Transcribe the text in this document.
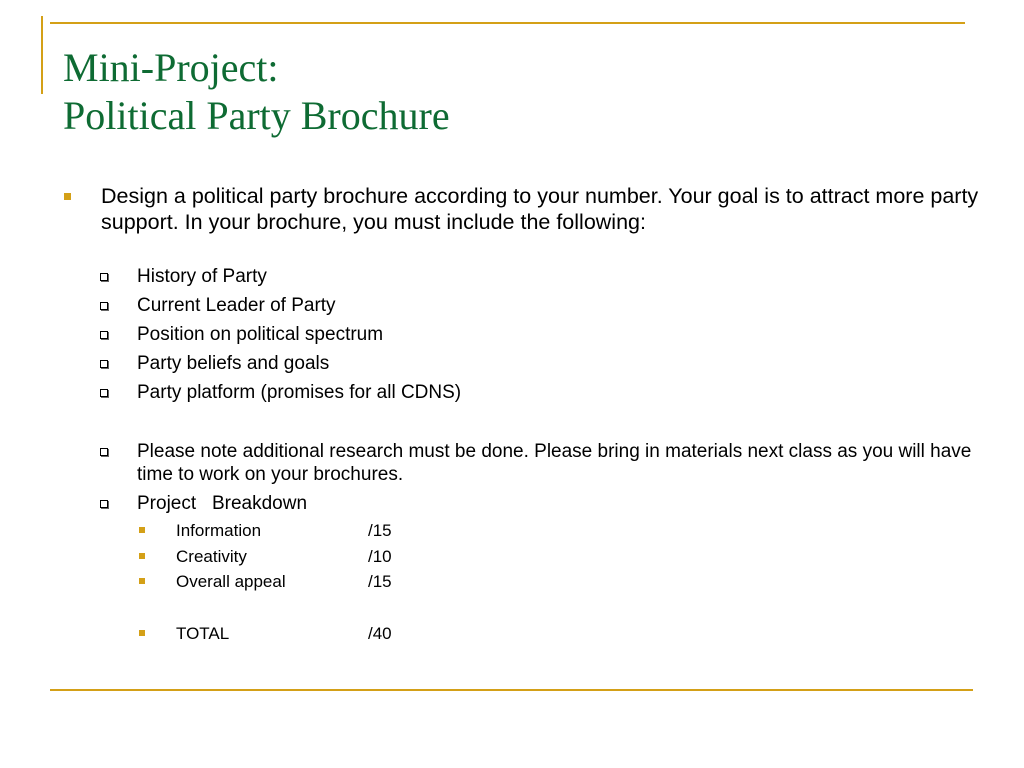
Mini-Project:
Political Party Brochure
Design a political party brochure according to your number. Your goal is to attract more party support. In your brochure, you must include the following:
History of Party
Current Leader of Party
Position on political spectrum
Party beliefs and goals
Party platform (promises for all CDNS)
Please note additional research must be done. Please bring in materials next class as you will have time to work on your brochures.
Project   Breakdown
Information	/15
Creativity	/10
Overall appeal	/15
TOTAL	/40
